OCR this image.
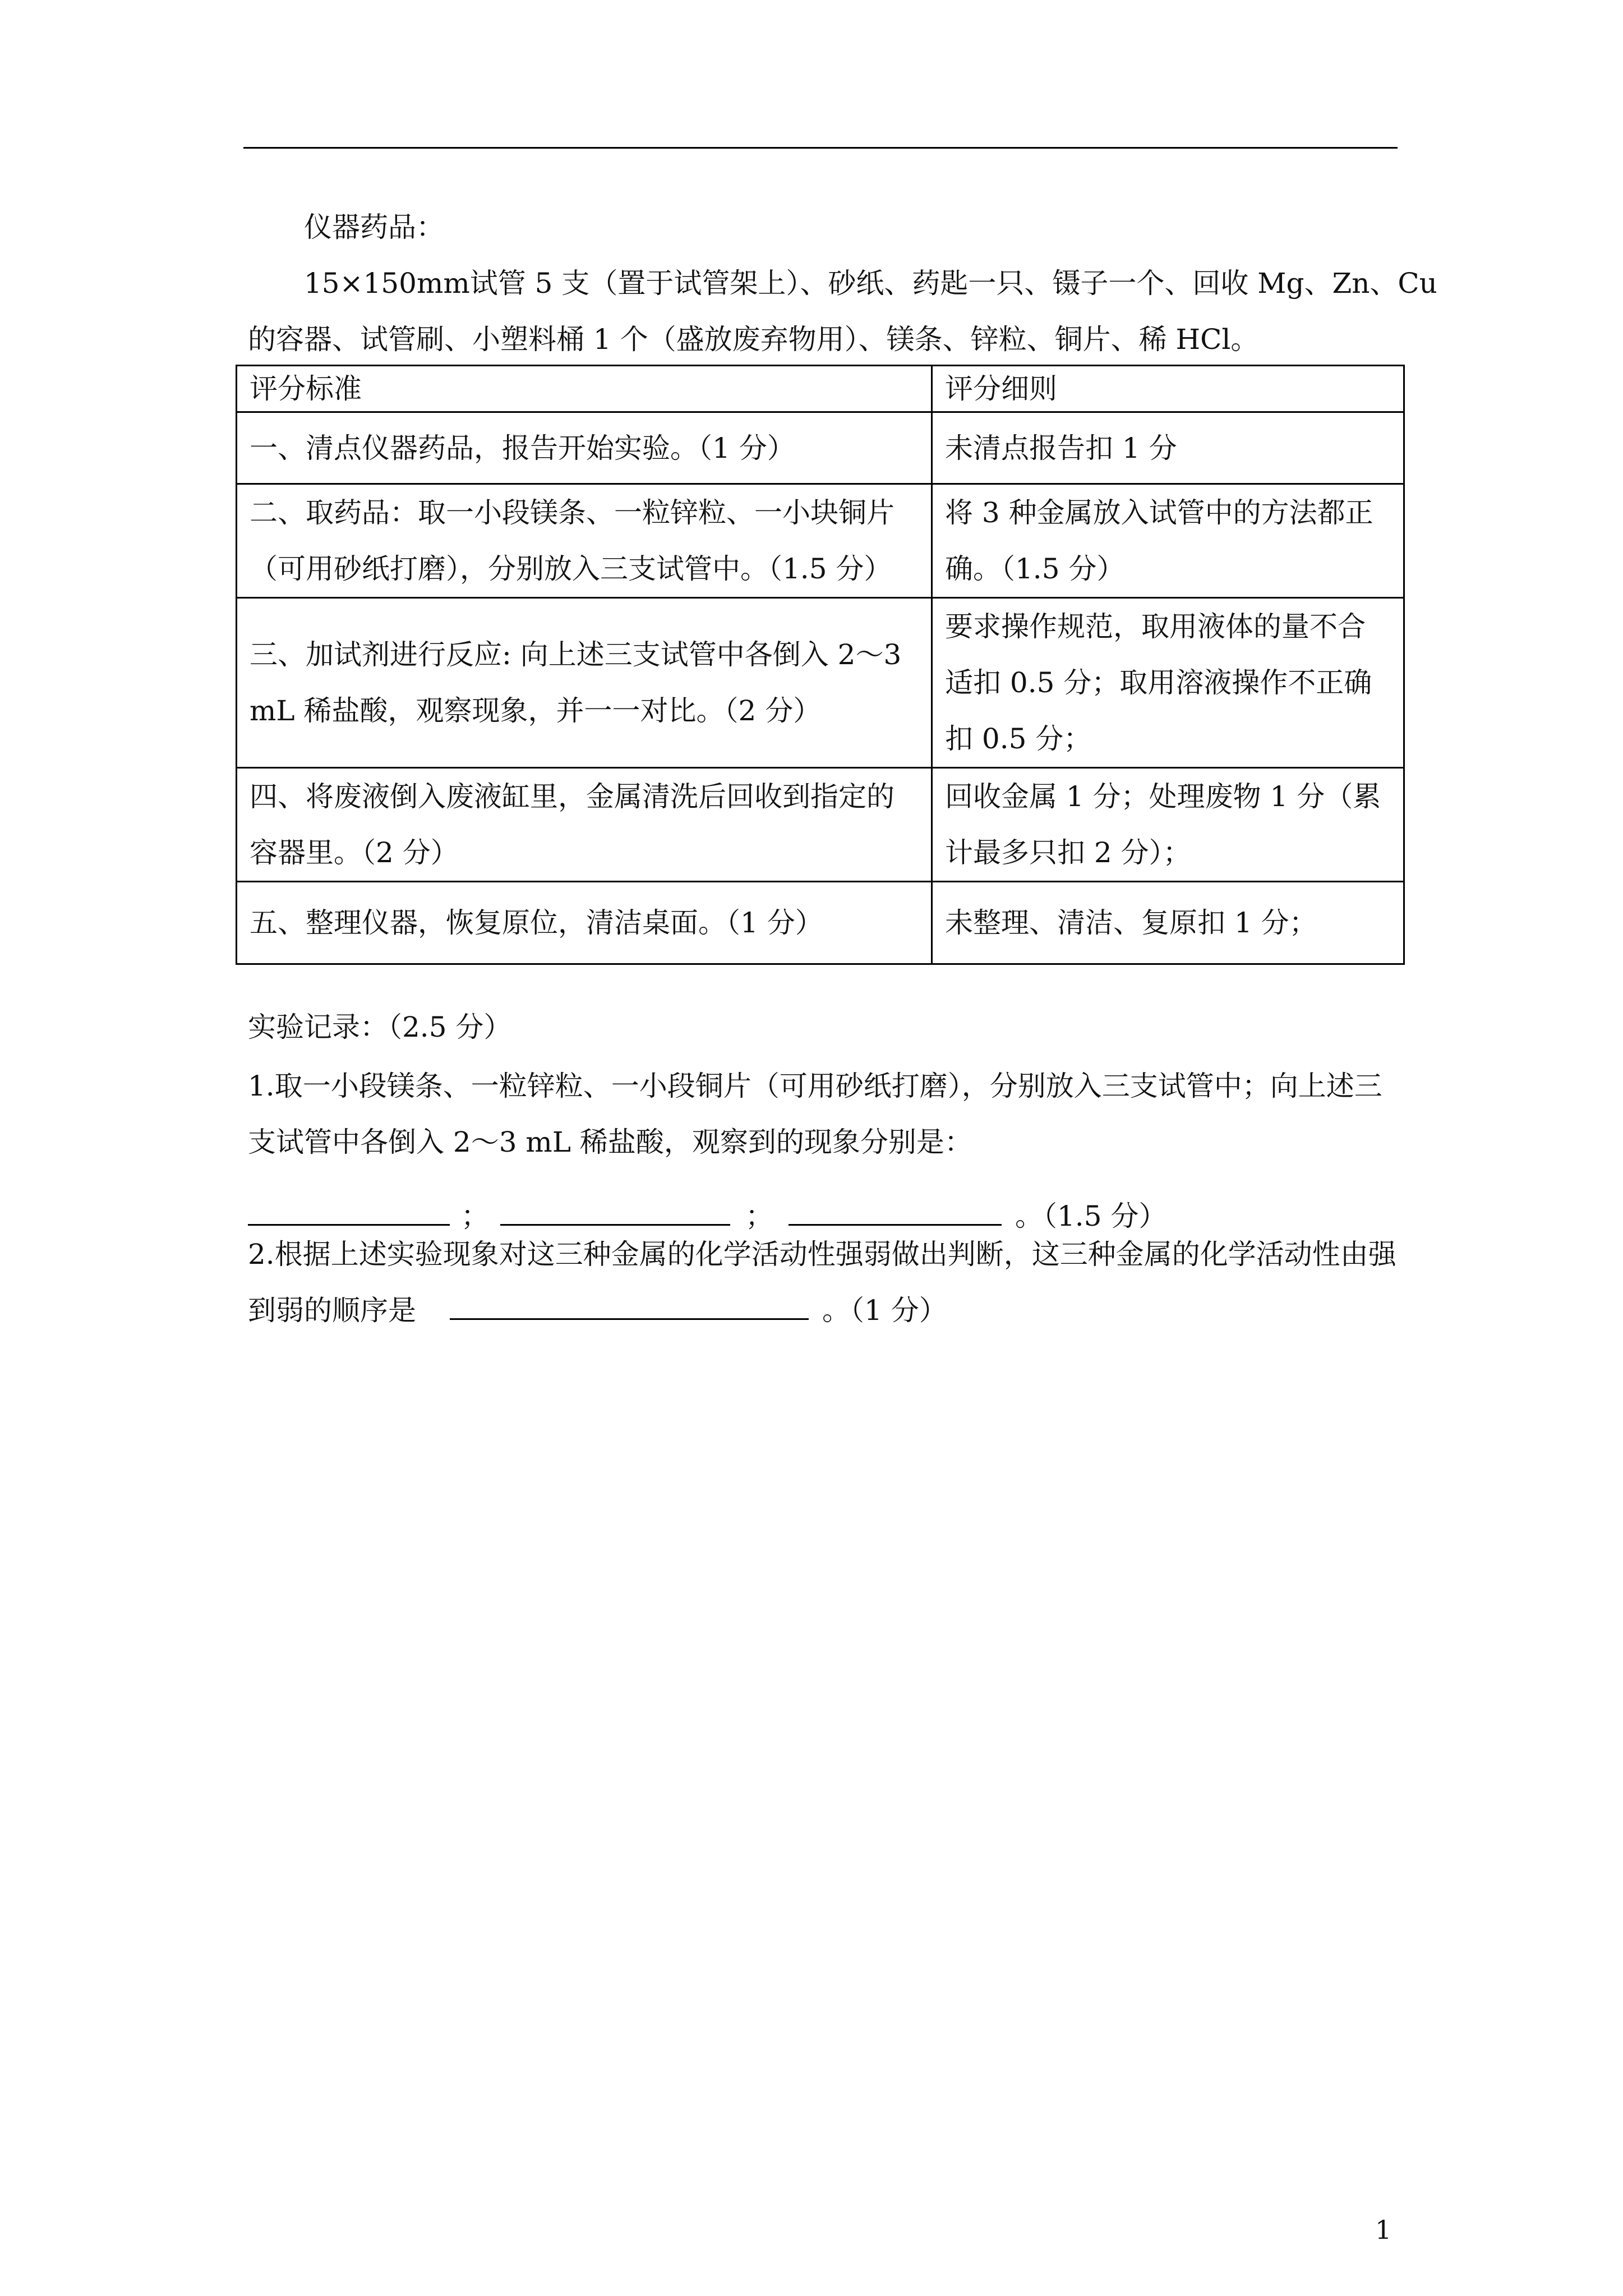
仪器药品：
15×150mm试管 5 支（置于试管架上）、砂纸、药匙一只、镊子一个、回收 Mg、Zn、Cu
的容器、试管刷、小塑料桶 1 个（盛放废弃物用）、镁条、锌粒、铜片、稀 HCl。
评分标准	评分细则
一、清点仪器药品，报告开始实验。（1 分）	未清点报告扣 1 分
二、取药品：取一小段镁条、一粒锌粒、一小块铜片（可用砂纸打磨），分别放入三支试管中。（1.5 分）	将 3 种金属放入试管中的方法都正确。（1.5 分）
三、加试剂进行反应: 向上述三支试管中各倒入 2～3 mL 稀盐酸，观察现象，并一一对比。（2 分）	要求操作规范，取用液体的量不合适扣 0.5 分；取用溶液操作不正确扣 0.5 分；
四、将废液倒入废液缸里，金属清洗后回收到指定的容器里。（2 分）	回收金属 1 分；处理废物 1 分（累计最多只扣 2 分）；
五、整理仪器，恢复原位，清洁桌面。（1 分）	未整理、清洁、复原扣 1 分；
实验记录：（2.5 分）
1.取一小段镁条、一粒锌粒、一小段铜片（可用砂纸打磨），分别放入三支试管中；向上述三支试管中各倒入 2～3 mL 稀盐酸，观察到的现象分别是：
；	；	。（1.5 分）
2.根据上述实验现象对这三种金属的化学活动性强弱做出判断，这三种金属的化学活动性由强到弱的顺序是	。（1 分）
1
